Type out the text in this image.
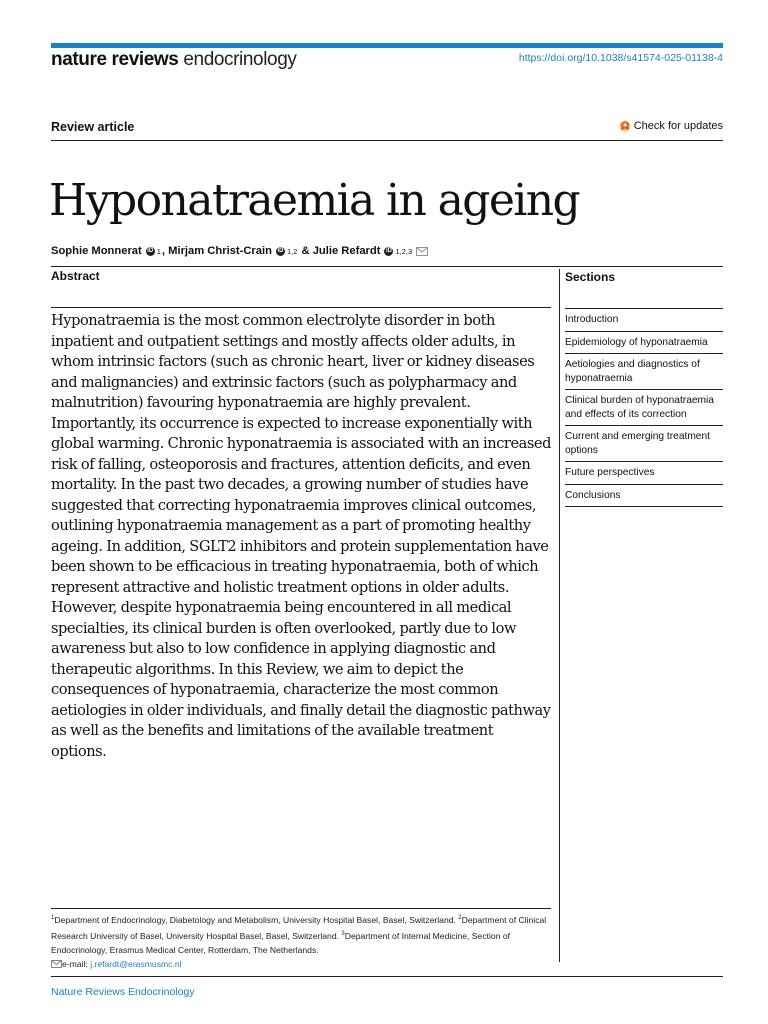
nature reviews endocrinology	https://doi.org/10.1038/s41574-025-01138-4
Review article	Check for updates
Hyponatraemia in ageing
Sophie Monnerat iD 1 , Mirjam Christ-Crain iD 1,2 & Julie Refardt iD 1,2,3
Abstract

Hyponatraemia is the most common electrolyte disorder in both inpatient and outpatient settings and mostly affects older adults, in whom intrinsic factors (such as chronic heart, liver or kidney diseases and malignancies) and extrinsic factors (such as polypharmacy and malnutrition) favouring hyponatraemia are highly prevalent. Importantly, its occurrence is expected to increase exponentially with global warming. Chronic hyponatraemia is associated with an increased risk of falling, osteoporosis and fractures, attention deficits, and even mortality. In the past two decades, a growing number of studies have suggested that correcting hyponatraemia improves clinical outcomes, outlining hyponatraemia management as a part of promoting healthy ageing. In addition, SGLT2 inhibitors and protein supplementation have been shown to be efficacious in treating hyponatraemia, both of which represent attractive and holistic treatment options in older adults. However, despite hyponatraemia being encountered in all medical specialties, its clinical burden is often overlooked, partly due to low awareness but also to low confidence in applying diagnostic and therapeutic algorithms. In this Review, we aim to depict the consequences of hyponatraemia, characterize the most common aetiologies in older individuals, and finally detail the diagnostic pathway as well as the benefits and limitations of the available treatment options.

Sections
Introduction
Epidemiology of hyponatraemia
Aetiologies and diagnostics of hyponatraemia
Clinical burden of hyponatraemia and effects of its correction
Current and emerging treatment options
Future perspectives
Conclusions
$^1$Department of Endocrinology, Diabetology and Metabolism, University Hospital Basel, Basel, Switzerland. $^2$Department of Clinical Research University of Basel, University Hospital Basel, Basel, Switzerland. $^3$Department of Internal Medicine, Section of Endocrinology, Erasmus Medical Center, Rotterdam, The Netherlands.
e-mail: j.refardt@erasmusmc.nl
Nature Reviews Endocrinology
